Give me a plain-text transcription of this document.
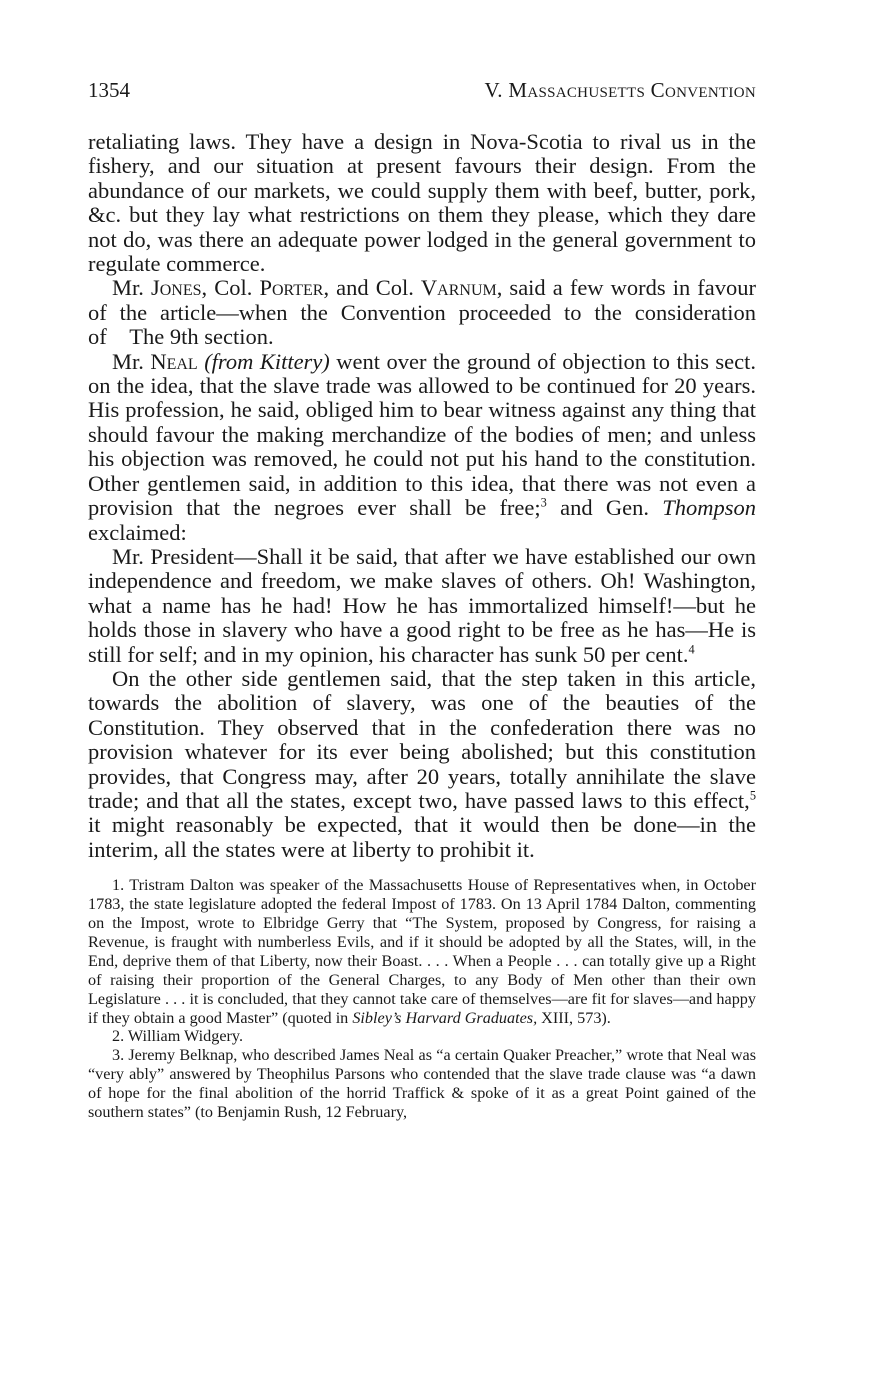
1354	V. Massachusetts Convention

retaliating laws. They have a design in Nova-Scotia to rival us in the fishery, and our situation at present favours their design. From the abundance of our markets, we could supply them with beef, butter, pork, &c. but they lay what restrictions on them they please, which they dare not do, was there an adequate power lodged in the general government to regulate commerce.

Mr. Jones, Col. Porter, and Col. Varnum, said a few words in favour of the article—when the Convention proceeded to the consideration of The 9th section.

Mr. Neal (from Kittery) went over the ground of objection to this sect. on the idea, that the slave trade was allowed to be continued for 20 years. His profession, he said, obliged him to bear witness against any thing that should favour the making merchandize of the bodies of men; and unless his objection was removed, he could not put his hand to the constitution. Other gentlemen said, in addition to this idea, that there was not even a provision that the negroes ever shall be free;$^3$ and Gen. Thompson exclaimed:

Mr. President—Shall it be said, that after we have established our own independence and freedom, we make slaves of others. Oh! Washington, what a name has he had! How he has immortalized himself!—but he holds those in slavery who have a good right to be free as he has—He is still for self; and in my opinion, his character has sunk 50 per cent.$^4$

On the other side gentlemen said, that the step taken in this article, towards the abolition of slavery, was one of the beauties of the Constitution. They observed that in the confederation there was no provision whatever for its ever being abolished; but this constitution provides, that Congress may, after 20 years, totally annihilate the slave trade; and that all the states, except two, have passed laws to this effect,$^5$ it might reasonably be expected, that it would then be done—in the interim, all the states were at liberty to prohibit it.

1. Tristram Dalton was speaker of the Massachusetts House of Representatives when, in October 1783, the state legislature adopted the federal Impost of 1783. On 13 April 1784 Dalton, commenting on the Impost, wrote to Elbridge Gerry that “The System, proposed by Congress, for raising a Revenue, is fraught with numberless Evils, and if it should be adopted by all the States, will, in the End, deprive them of that Liberty, now their Boast. . . . When a People . . . can totally give up a Right of raising their proportion of the General Charges, to any Body of Men other than their own Legislature . . . it is concluded, that they cannot take care of themselves—are fit for slaves—and happy if they obtain a good Master” (quoted in Sibley’s Harvard Graduates, XIII, 573).

2. William Widgery.

3. Jeremy Belknap, who described James Neal as “a certain Quaker Preacher,” wrote that Neal was “very ably” answered by Theophilus Parsons who contended that the slave trade clause was “a dawn of hope for the final abolition of the horrid Traffick & spoke of it as a great Point gained of the southern states” (to Benjamin Rush, 12 February,
